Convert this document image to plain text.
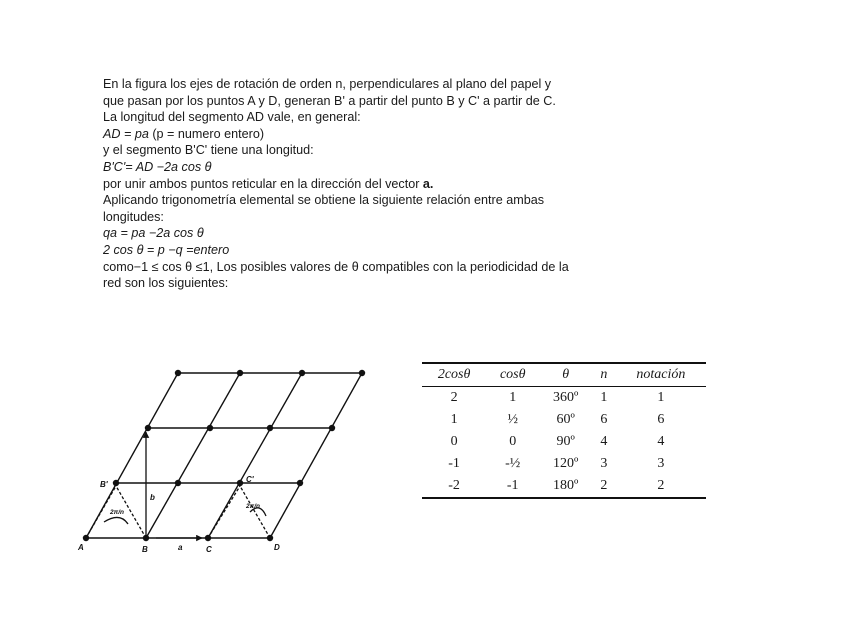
En la figura los ejes de rotación de orden n, perpendiculares al plano del papel y
que pasan por los puntos A y D, generan B' a partir del punto B y C' a partir de C.
La longitud del segmento AD vale, en general:
AD = pa (p = numero entero)
y el segmento B'C' tiene una longitud:
B'C'= AD −2a cos θ
por unir ambos puntos reticular en la dirección del vector a.
Aplicando trigonometría elemental se obtiene la siguiente relación entre ambas
longitudes:
qa = pa −2a cos θ
2 cos θ = p −q =entero
como−1 ≤ cos θ ≤1, Los posibles valores de θ compatibles con la periodicidad de la
red son los siguientes:
A	B	C	D
B'
C'
a
b
2π/n
2π/n
2cosθ	cosθ	θ	n	notación
2	1	360º	1	1
1	½	60º	6	6
0	0	90º	4	4
-1	-½	120º	3	3
-2	-1	180º	2	2
